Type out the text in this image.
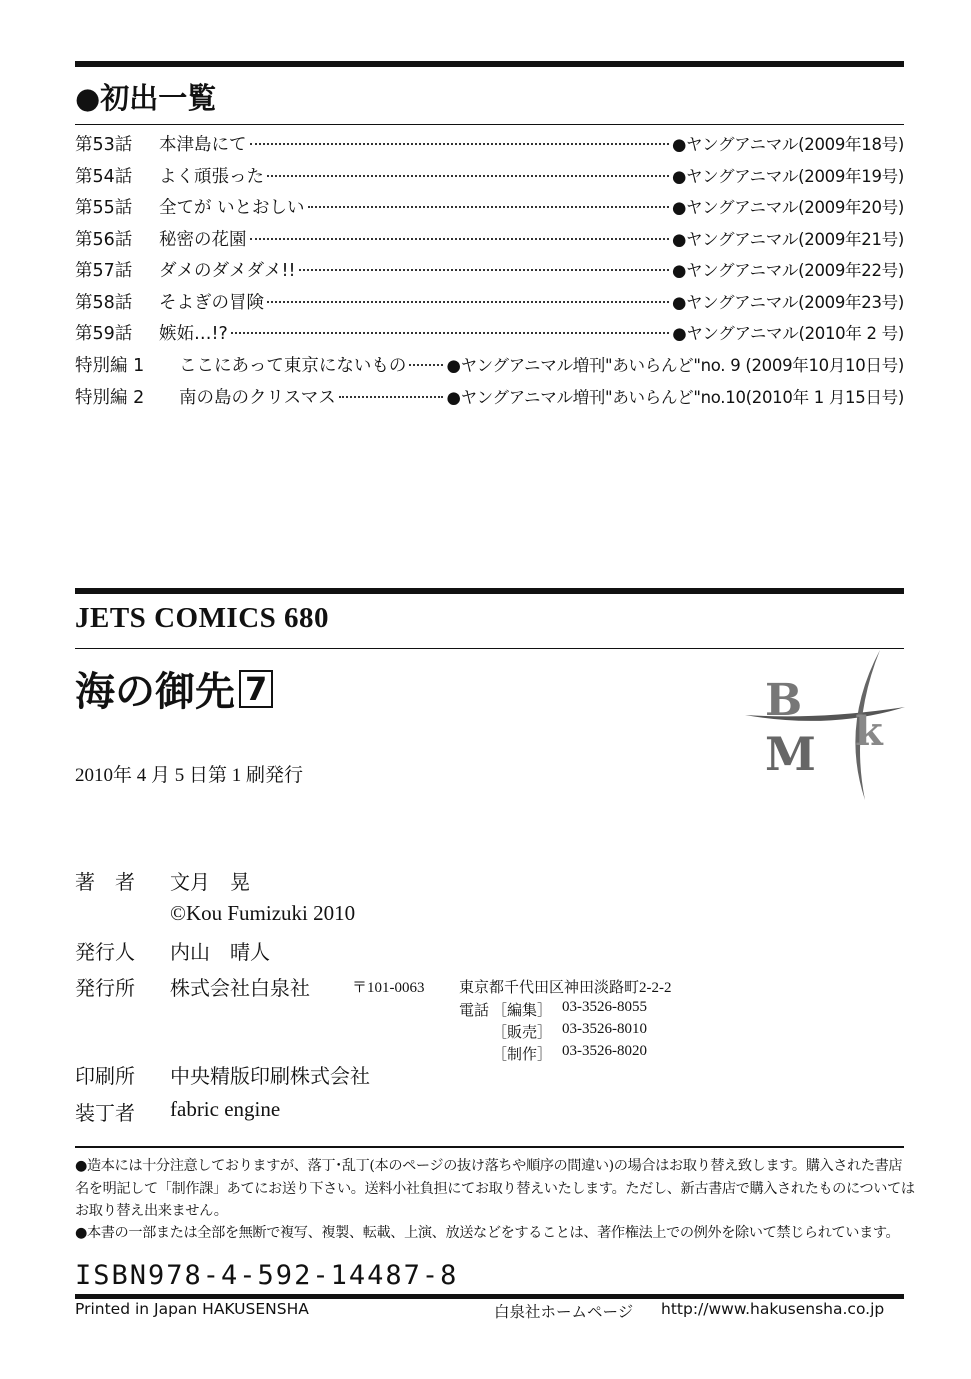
●初出一覧
第53話	本津島にて	●ヤングアニマル(2009年18号)
第54話	よく頑張った	●ヤングアニマル(2009年19号)
第55話	全てが いとおしい	●ヤングアニマル(2009年20号)
第56話	秘密の花園	●ヤングアニマル(2009年21号)
第57話	ダメのダメダメ!!	●ヤングアニマル(2009年22号)
第58話	そよぎの冒険	●ヤングアニマル(2009年23号)
第59話	嫉妬…!?	●ヤングアニマル(2010年 2 号)
特別編 1	ここにあって東京にないもの ●ヤングアニマル増刊"あいらんど"no. 9 (2009年10月10日号)
特別編 2	南の島のクリスマス	●ヤングアニマル増刊"あいらんど"no.10(2010年 1 月15日号)
JETS COMICS 680
海の御先 7
2010年 4 月 5 日第 1 刷発行
B
M k
著　者 文月　晃
©Kou Fumizuki 2010
発行人 内山　晴人
発行所 株式会社白泉社	〒101-0063 東京都千代田区神田淡路町2-2-2
電話 ［編集］ 03-3526-8055
［販売］ 03-3526-8010
［制作］ 03-3526-8020
印刷所 中央精版印刷株式会社
装丁者 fabric engine
●造本には十分注意しておりますが、落丁･乱丁(本のページの抜け落ちや順序の間違い)の場合はお取り替え致します。購入された書店名を明記して「制作課」あてにお送り下さい。送料小社負担にてお取り替えいたします。ただし、新古書店で購入されたものについてはお取り替え出来ません。
●本書の一部または全部を無断で複写、複製、転載、上演、放送などをすることは、著作権法上での例外を除いて禁じられています。
ISBN978-4-592-14487-8
Printed in Japan HAKUSENSHA	白泉社ホームページ http://www.hakusensha.co.jp
